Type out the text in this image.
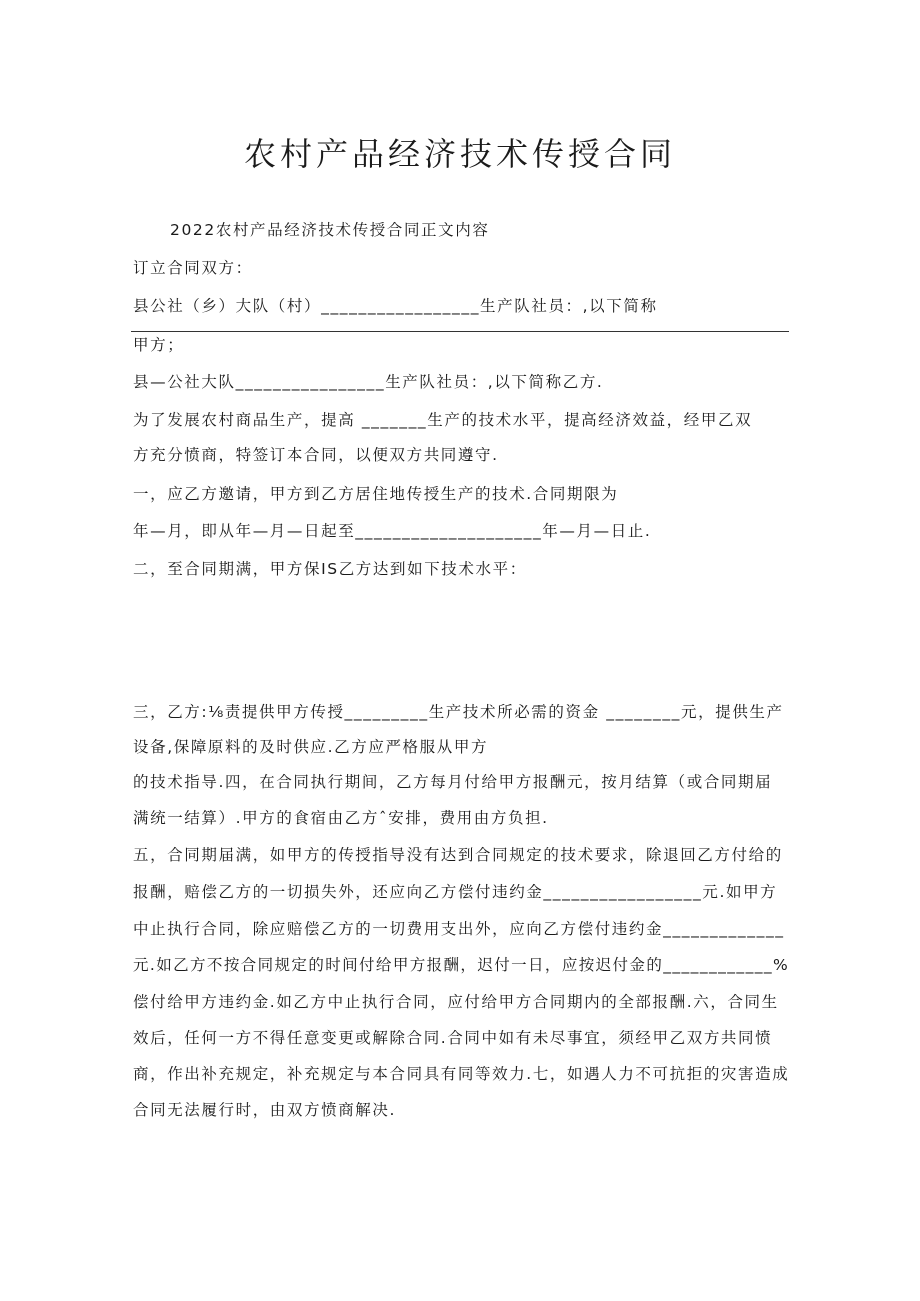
农村产品经济技术传授合同

2022农村产品经济技术传授合同正文内容

订立合同双方：

县公社（乡）大队（村）_________________生产队社员：,以下简称

甲方；

县—公社大队________________生产队社员：,以下简称乙方.

为了发展农村商品生产，提高 _______生产的技术水平，提高经济效益，经甲乙双

方充分愤商，特签订本合同，以便双方共同遵守.

一，应乙方邀请，甲方到乙方居住地传授生产的技术.合同期限为

年—月，即从年—月—日起至____________________年—月—日止.

二，至合同期满，甲方保IS乙方达到如下技术水平：

三，乙方:⅛责提供甲方传授_________生产技术所必需的资金 ________元，提供生产

设备,保障原料的及时供应.乙方应严格服从甲方

的技术指导.四，在合同执行期间，乙方每月付给甲方报酬元，按月结算（或合同期届

满统一结算）.甲方的食宿由乙方ˆ安排，费用由方负担.

五，合同期届满，如甲方的传授指导没有达到合同规定的技术要求，除退回乙方付给的

报酬，赔偿乙方的一切损失外，还应向乙方偿付违约金_________________元.如甲方

中止执行合同，除应赔偿乙方的一切费用支出外，应向乙方偿付违约金_____________

元.如乙方不按合同规定的时间付给甲方报酬，迟付一日，应按迟付金的____________%

偿付给甲方违约金.如乙方中止执行合同，应付给甲方合同期内的全部报酬.六，合同生

效后，任何一方不得任意变更或解除合同.合同中如有未尽事宜，须经甲乙双方共同愤

商，作出补充规定，补充规定与本合同具有同等效力.七，如遇人力不可抗拒的灾害造成

合同无法履行时，由双方愤商解决.
